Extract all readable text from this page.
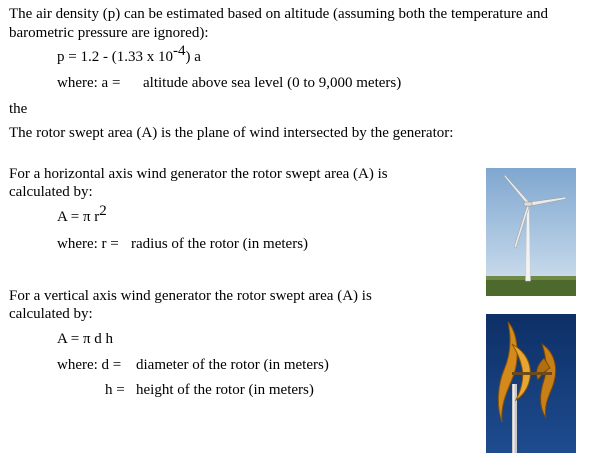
The air density (p) can be estimated based on altitude (assuming both the temperature and barometric pressure are ignored):
p = 1.2 - (1.33 x $10^{-4}$) a
where: a = altitude above sea level (0 to 9,000 meters)
the
The rotor swept area (A) is the plane of wind intersected by the generator:
For a horizontal axis wind generator the rotor swept area (A) is
calculated by:
A = π $r^2$
where: r = radius of the rotor (in meters)
For a vertical axis wind generator the rotor swept area (A) is
calculated by:
A = π d h
where: d = diameter of the rotor (in meters)
h = height of the rotor (in meters)
